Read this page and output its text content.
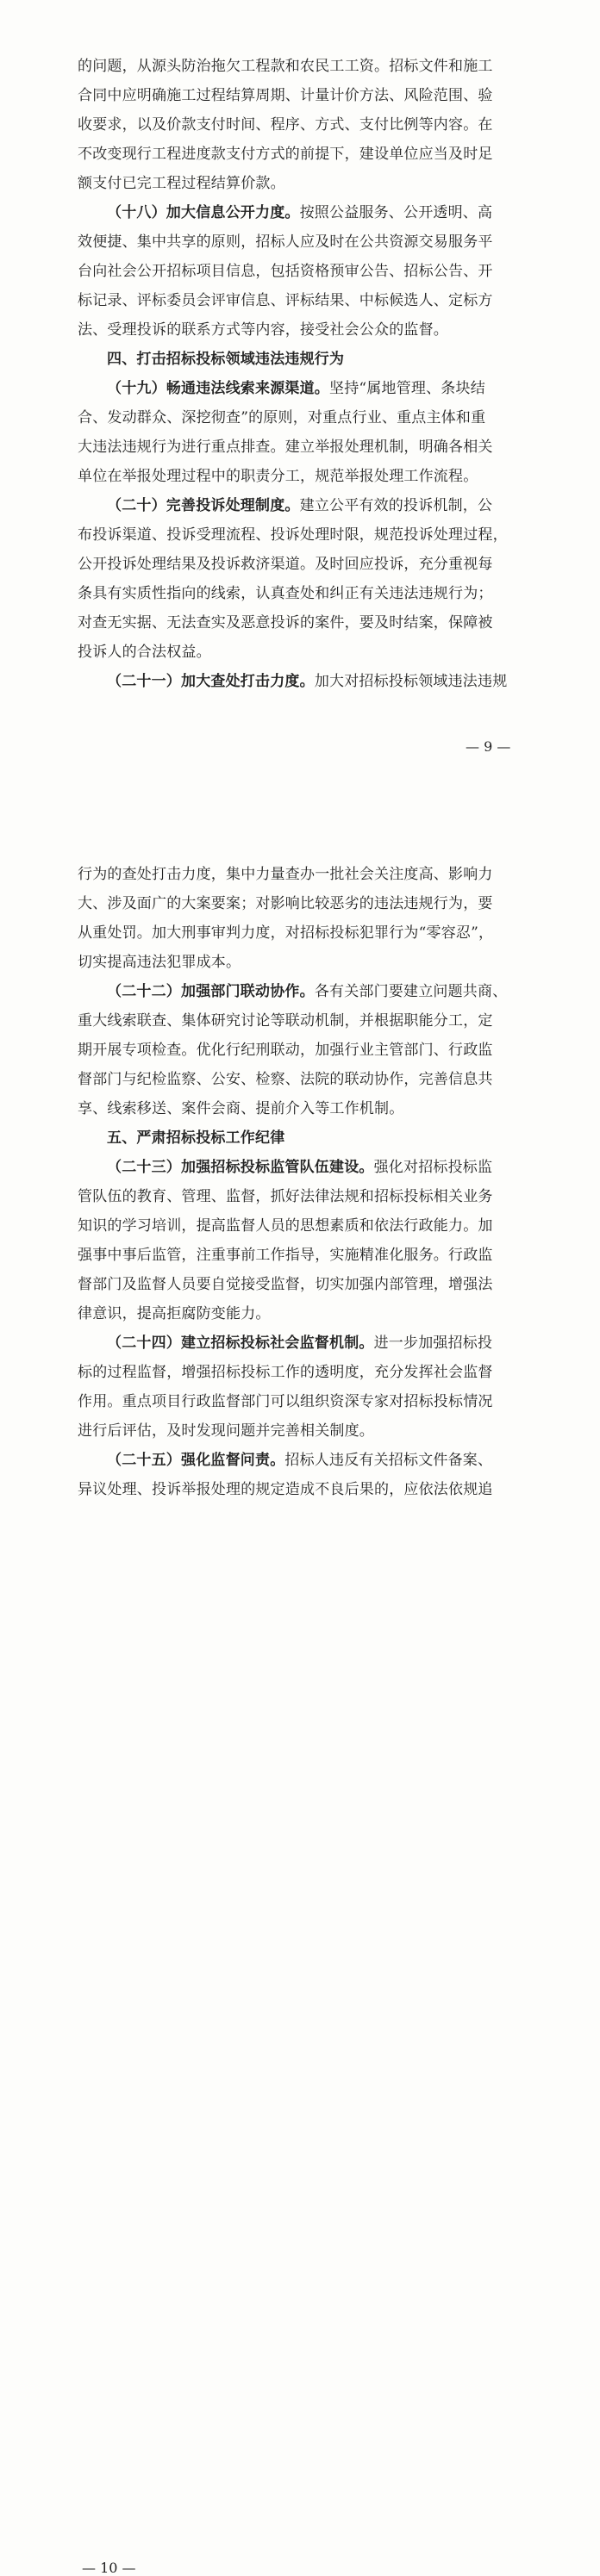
的问题，从源头防治拖欠工程款和农民工工资。招标文件和施工
合同中应明确施工过程结算周期、计量计价方法、风险范围、验
收要求，以及价款支付时间、程序、方式、支付比例等内容。在
不改变现行工程进度款支付方式的前提下，建设单位应当及时足
额支付已完工程过程结算价款。
（十八）加大信息公开力度。按照公益服务、公开透明、高
效便捷、集中共享的原则，招标人应及时在公共资源交易服务平
台向社会公开招标项目信息，包括资格预审公告、招标公告、开
标记录、评标委员会评审信息、评标结果、中标候选人、定标方
法、受理投诉的联系方式等内容，接受社会公众的监督。
四、打击招标投标领域违法违规行为
（十九）畅通违法线索来源渠道。坚持“属地管理、条块结
合、发动群众、深挖彻查”的原则，对重点行业、重点主体和重
大违法违规行为进行重点排查。建立举报处理机制，明确各相关
单位在举报处理过程中的职责分工，规范举报处理工作流程。
（二十）完善投诉处理制度。建立公平有效的投诉机制，公
布投诉渠道、投诉受理流程、投诉处理时限，规范投诉处理过程，
公开投诉处理结果及投诉救济渠道。及时回应投诉，充分重视每
条具有实质性指向的线索，认真查处和纠正有关违法违规行为；
对查无实据、无法查实及恶意投诉的案件，要及时结案，保障被
投诉人的合法权益。
（二十一）加大查处打击力度。加大对招标投标领域违法违规
— 9 —
行为的查处打击力度，集中力量查办一批社会关注度高、影响力
大、涉及面广的大案要案；对影响比较恶劣的违法违规行为，要
从重处罚。加大刑事审判力度，对招标投标犯罪行为“零容忍”，
切实提高违法犯罪成本。
（二十二）加强部门联动协作。各有关部门要建立问题共商、
重大线索联查、集体研究讨论等联动机制，并根据职能分工，定
期开展专项检查。优化行纪刑联动，加强行业主管部门、行政监
督部门与纪检监察、公安、检察、法院的联动协作，完善信息共
享、线索移送、案件会商、提前介入等工作机制。
五、严肃招标投标工作纪律
（二十三）加强招标投标监管队伍建设。强化对招标投标监
管队伍的教育、管理、监督，抓好法律法规和招标投标相关业务
知识的学习培训，提高监督人员的思想素质和依法行政能力。加
强事中事后监管，注重事前工作指导，实施精准化服务。行政监
督部门及监督人员要自觉接受监督，切实加强内部管理，增强法
律意识，提高拒腐防变能力。
（二十四）建立招标投标社会监督机制。进一步加强招标投
标的过程监督，增强招标投标工作的透明度，充分发挥社会监督
作用。重点项目行政监督部门可以组织资深专家对招标投标情况
进行后评估，及时发现问题并完善相关制度。
（二十五）强化监督问责。招标人违反有关招标文件备案、
异议处理、投诉举报处理的规定造成不良后果的，应依法依规追
— 10 —
